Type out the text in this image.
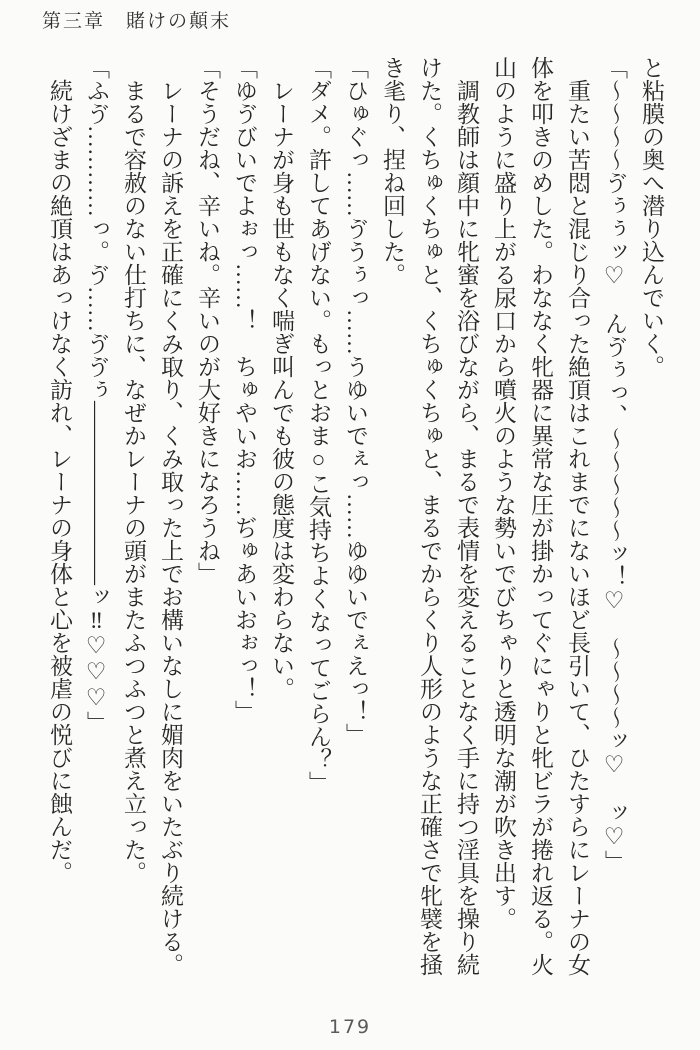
第三章　賭けの顛末

と粘膜の奥へ潜り込んでいく。

「～～～～ゔぅぅッ♡　んゔぅっ、～～～～～ッ！♡　～～～～ッ♡　ッ♡」

　重たい苦悶と混じり合った絶頂はこれまでにないほど長引いて、ひたすらにレーナの女体を叩きのめした。わななく牝器に異常な圧が掛かってぐにゃりと牝ビラが捲れ返る。火山のように盛り上がる尿口から噴火のような勢いでびちゃりと透明な潮が吹き出す。

　調教師は顔中に牝蜜を浴びながら、まるで表情を変えることなく手に持つ淫具を操り続けた。くちゅくちゅと、くちゅくちゅと、まるでからくり人形のような正確さで牝襞を掻き毟り、捏ね回した。

「ひゅぐっ……ゔうぅっ……うゆいでぇっ……ゆゆいでぇえっ！」

「ダメ。許してあげない。もっとおま○こ気持ちよくなってごらん？」

　レーナが身も世もなく喘ぎ叫んでも彼の態度は変わらない。

「ゆゔびいでよぉっ……！　ちゅやいお……ぢゅあいおぉっ！」

「そうだね、辛いね。辛いのが大好きになろうね」

　レーナの訴えを正確にくみ取り、くみ取った上でお構いなしに媚肉をいたぶり続ける。

　まるで容赦のない仕打ちに、なぜかレーナの頭がまたふつふつと煮え立った。

「ふゔ…………っ。ゔ……ゔゔぅ————————ッ‼♡♡♡」

　続けざまの絶頂はあっけなく訪れ、レーナの身体と心を被虐の悦びに蝕んだ。

179
